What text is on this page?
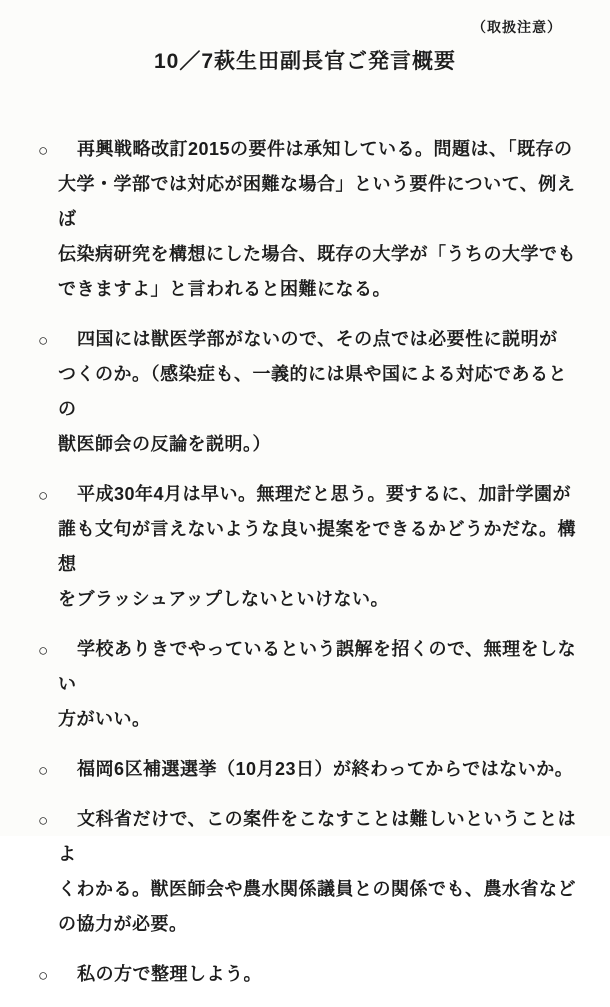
（取扱注意）
10／7萩生田副長官ご発言概要
○	再興戦略改訂2015の要件は承知している。問題は、「既存の
大学・学部では対応が困難な場合」という要件について、例えば
伝染病研究を構想にした場合、既存の大学が「うちの大学でも
できますよ」と言われると困難になる。
○	四国には獣医学部がないので、その点では必要性に説明が
つくのか。（感染症も、一義的には県や国による対応であるとの
獣医師会の反論を説明。）
○	平成30年4月は早い。無理だと思う。要するに、加計学園が
誰も文句が言えないような良い提案をできるかどうかだな。構想
をブラッシュアップしないといけない。
○	学校ありきでやっているという誤解を招くので、無理をしない
方がいい。
○	福岡6区補選選挙（10月23日）が終わってからではないか。
○	文科省だけで、この案件をこなすことは難しいということはよ
くわかる。獣医師会や農水関係議員との関係でも、農水省など
の協力が必要。
○	私の方で整理しよう。
